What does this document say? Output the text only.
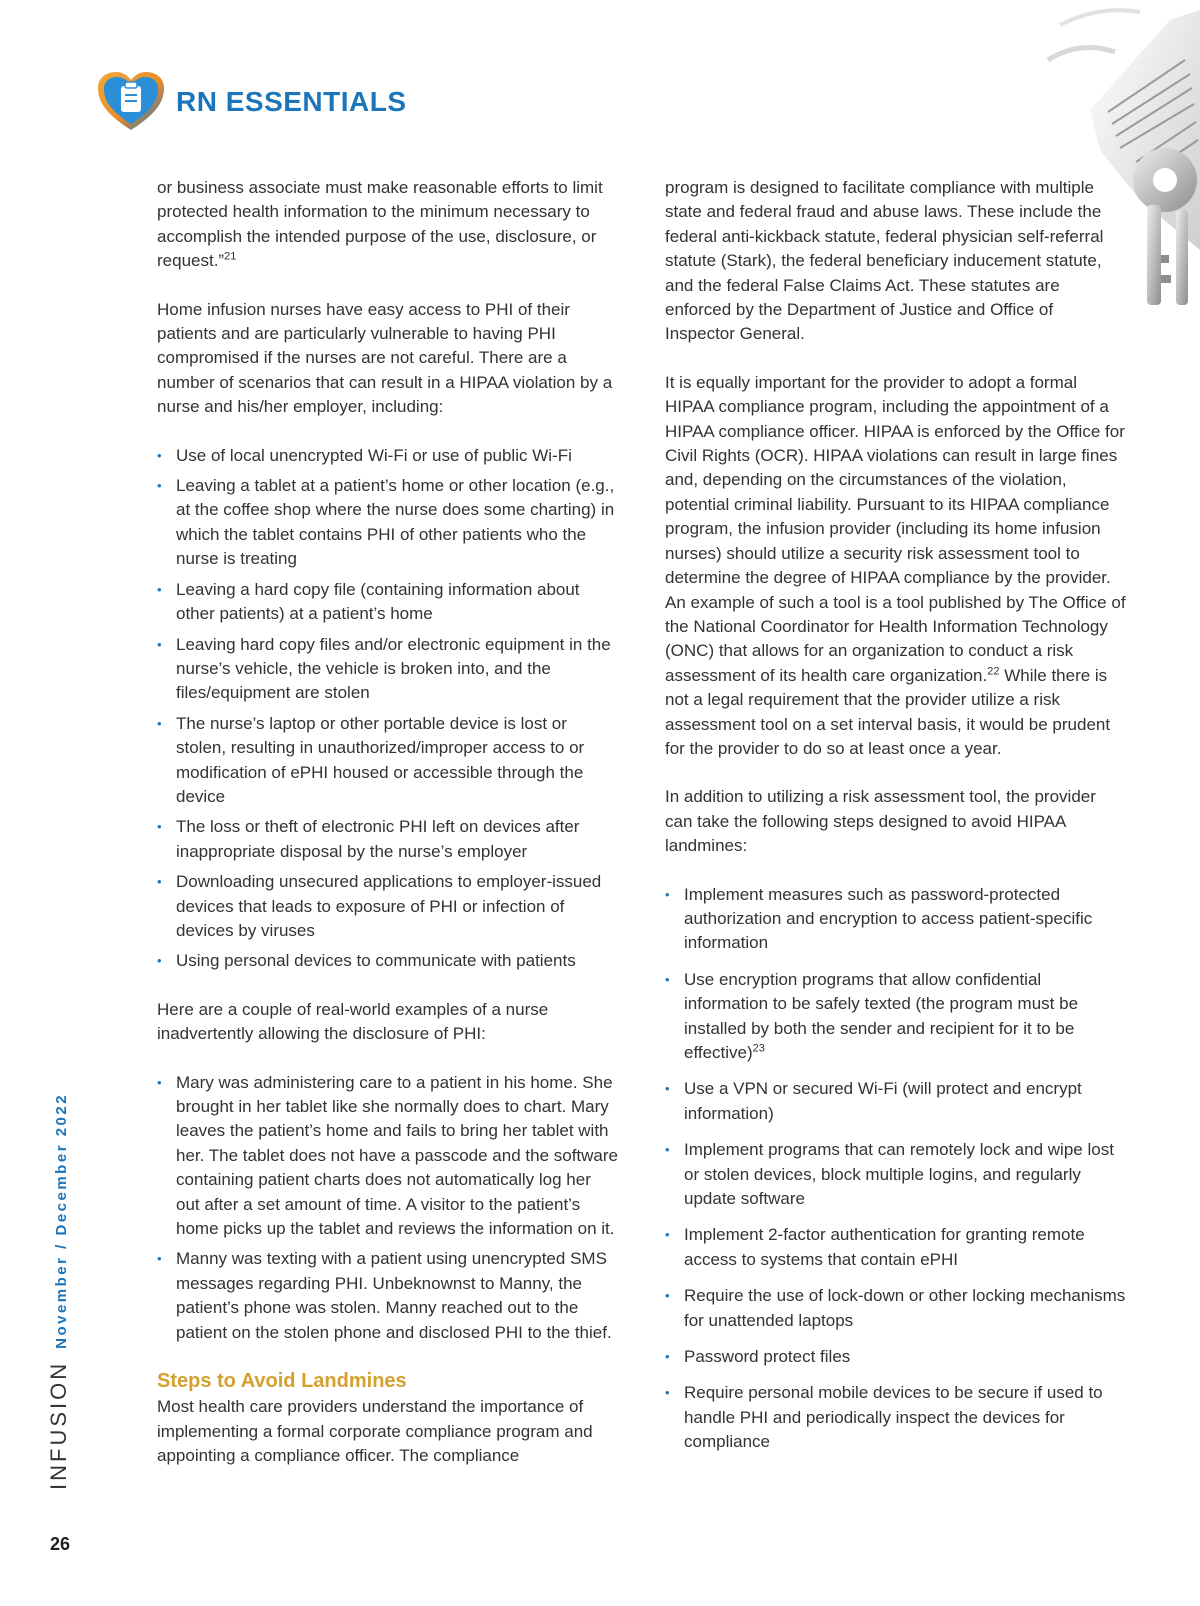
RN ESSENTIALS

or business associate must make reasonable efforts to limit protected health information to the minimum necessary to accomplish the intended purpose of the use, disclosure, or request.”$^{21}$

Home infusion nurses have easy access to PHI of their patients and are particularly vulnerable to having PHI compromised if the nurses are not careful. There are a number of scenarios that can result in a HIPAA violation by a nurse and his/her employer, including:

• Use of local unencrypted Wi-Fi or use of public Wi-Fi
• Leaving a tablet at a patient’s home or other location (e.g., at the coffee shop where the nurse does some charting) in which the tablet contains PHI of other patients who the nurse is treating
• Leaving a hard copy file (containing information about other patients) at a patient’s home
• Leaving hard copy files and/or electronic equipment in the nurse’s vehicle, the vehicle is broken into, and the files/equipment are stolen
• The nurse’s laptop or other portable device is lost or stolen, resulting in unauthorized/improper access to or modification of ePHI housed or accessible through the device
• The loss or theft of electronic PHI left on devices after inappropriate disposal by the nurse’s employer
• Downloading unsecured applications to employer-issued devices that leads to exposure of PHI or infection of devices by viruses
• Using personal devices to communicate with patients

Here are a couple of real-world examples of a nurse inadvertently allowing the disclosure of PHI:

• Mary was administering care to a patient in his home. She brought in her tablet like she normally does to chart. Mary leaves the patient’s home and fails to bring her tablet with her. The tablet does not have a passcode and the software containing patient charts does not automatically log her out after a set amount of time. A visitor to the patient’s home picks up the tablet and reviews the information on it.
• Manny was texting with a patient using unencrypted SMS messages regarding PHI. Unbeknownst to Manny, the patient’s phone was stolen. Manny reached out to the patient on the stolen phone and disclosed PHI to the thief.
Steps to Avoid Landmines

Most health care providers understand the importance of implementing a formal corporate compliance program and appointing a compliance officer. The compliance

program is designed to facilitate compliance with multiple state and federal fraud and abuse laws. These include the federal anti-kickback statute, federal physician self-referral statute (Stark), the federal beneficiary inducement statute, and the federal False Claims Act. These statutes are enforced by the Department of Justice and Office of Inspector General.

It is equally important for the provider to adopt a formal HIPAA compliance program, including the appointment of a HIPAA compliance officer. HIPAA is enforced by the Office for Civil Rights (OCR). HIPAA violations can result in large fines and, depending on the circumstances of the violation, potential criminal liability. Pursuant to its HIPAA compliance program, the infusion provider (including its home infusion nurses) should utilize a security risk assessment tool to determine the degree of HIPAA compliance by the provider. An example of such a tool is a tool published by The Office of the National Coordinator for Health Information Technology (ONC) that allows for an organization to conduct a risk assessment of its health care organization.$^{22}$ While there is not a legal requirement that the provider utilize a risk assessment tool on a set interval basis, it would be prudent for the provider to do so at least once a year.

In addition to utilizing a risk assessment tool, the provider can take the following steps designed to avoid HIPAA landmines:

• Implement measures such as password-protected authorization and encryption to access patient-specific information
• Use encryption programs that allow confidential information to be safely texted (the program must be installed by both the sender and recipient for it to be effective)$^{23}$
• Use a VPN or secured Wi-Fi (will protect and encrypt information)
• Implement programs that can remotely lock and wipe lost or stolen devices, block multiple logins, and regularly update software
• Implement 2-factor authentication for granting remote access to systems that contain ePHI
• Require the use of lock-down or other locking mechanisms for unattended laptops
• Password protect files
• Require personal mobile devices to be secure if used to handle PHI and periodically inspect the devices for compliance
INFUSIONNovember / December 2022
26
